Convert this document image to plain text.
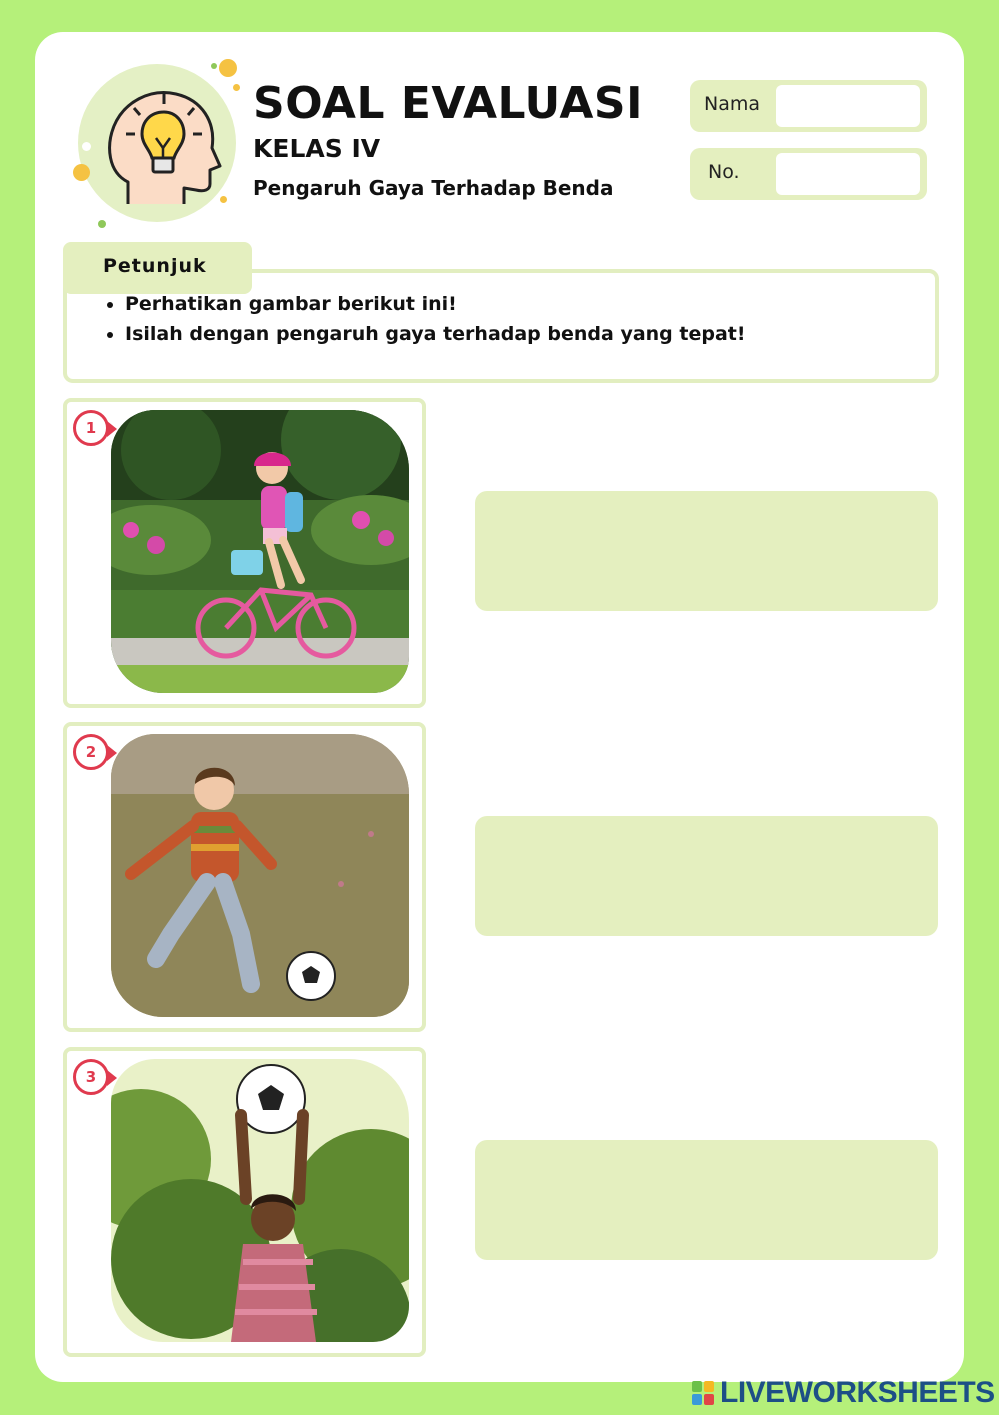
SOAL EVALUASI
KELAS IV
Pengaruh Gaya Terhadap Benda
Nama
No.
Petunjuk
• Perhatikan gambar berikut ini!
• Isilah dengan pengaruh gaya terhadap benda yang tepat!
1
2
3
LIVEWORKSHEETS
